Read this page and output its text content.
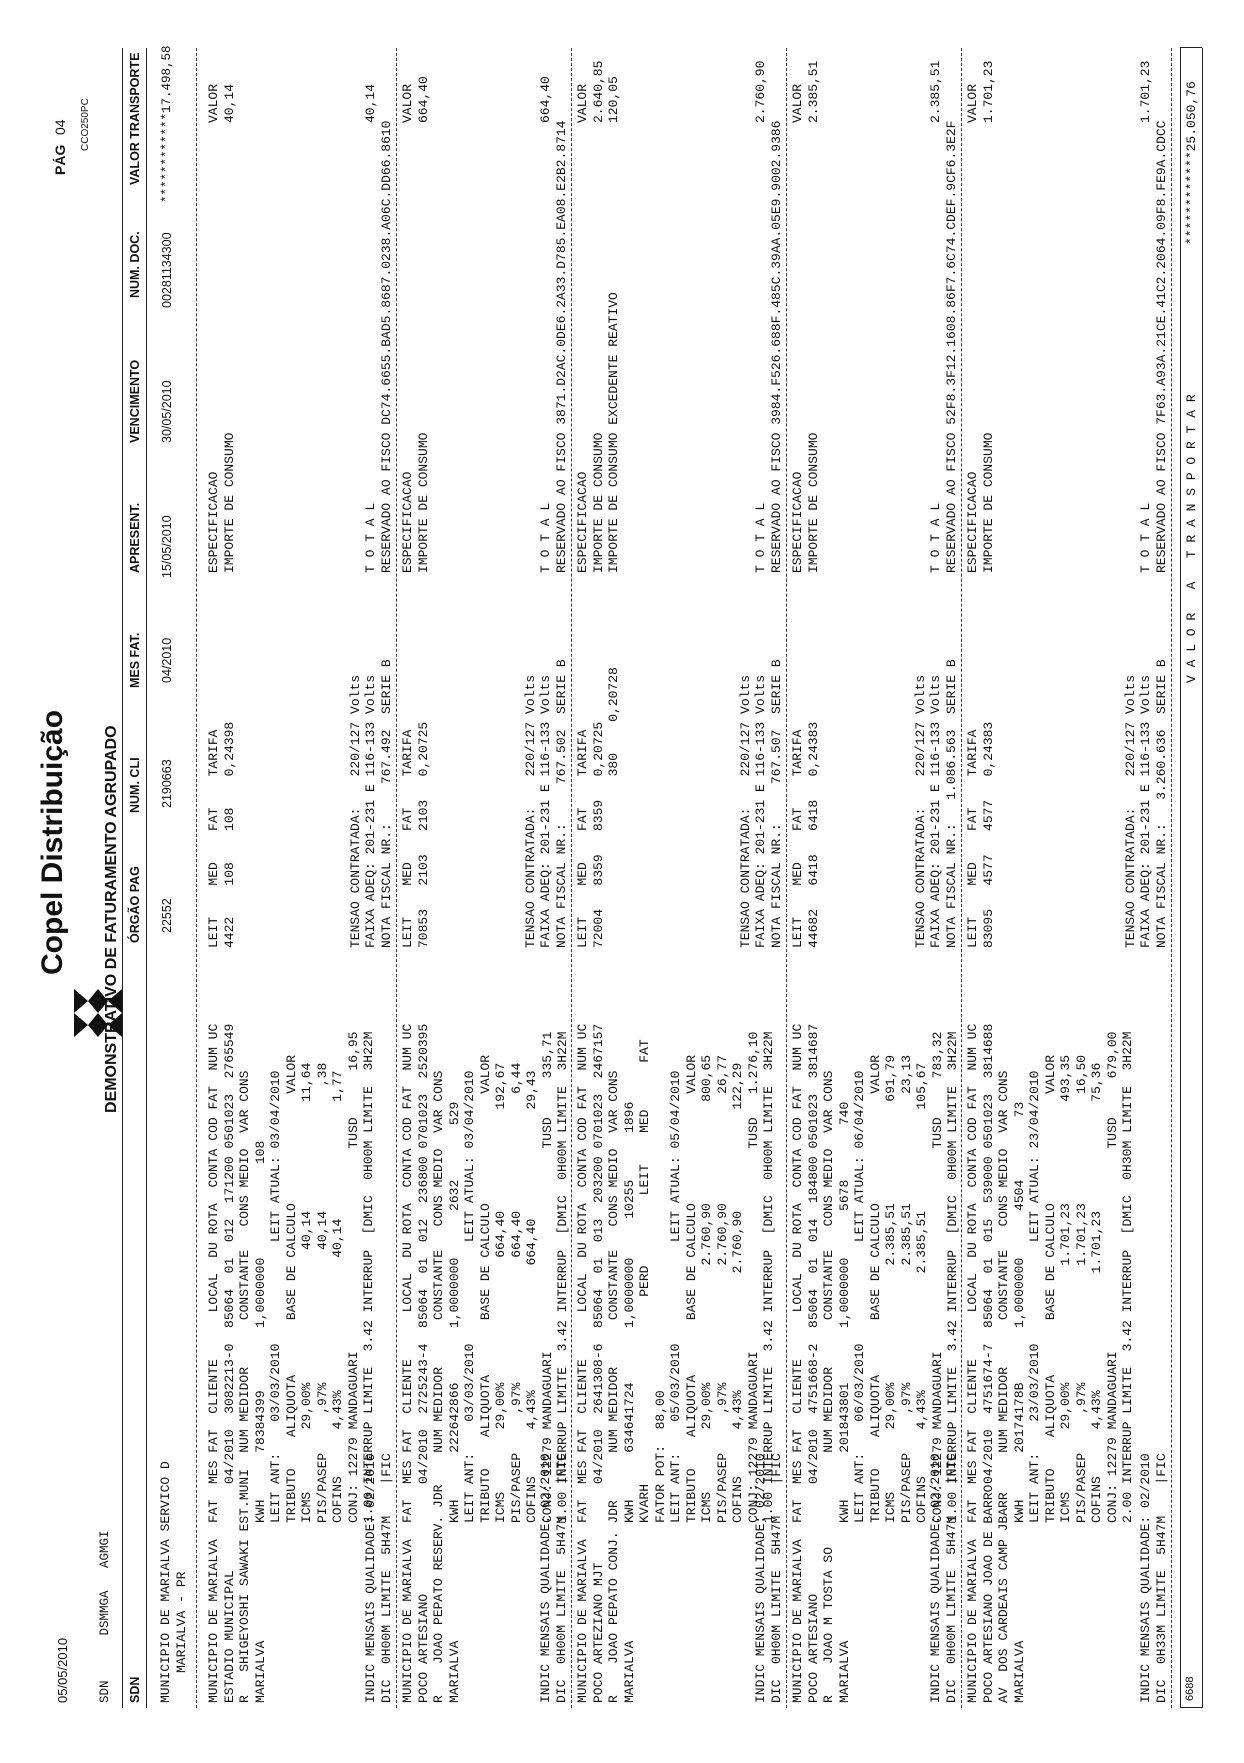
05/05/2010
PÁG
04 CCO250PC

Copel Distribuição DEMONSTRATIVO DE FATURAMENTO AGRUPADO
SDN      DSMMGA   AGMGI SDN
ÓRGÃO PAG
NUM. CLI
MES FAT.
APRESENT.
VENCIMENTO
NUM. DOC.
VALOR TRANSPORTE
MUNICIPIO DE MARIALVA SERVICO D MARIALVA - PR
22552
2190663
04/2010
15/05/2010
30/05/2010
00281134300
************17.498,58
MUNICIPIO DE MARIALVA ESTADIO MUNICIPAL R   SHIGEYOSHI SAWAKI EST.MUNI MARIALVA
FAT  MES FAT  CLIENTE      LOCAL  DU ROTA  CONTA COD FAT  NUM UC 04/2010  3082213-0  85064  01  012  171200 0501023  2765549 NUM MEDIDOR      CONSTANTE   CONS MEDIO  VAR CONS KWH      78384399        1,0000000            108 LEIT ANT:    03/03/2010             LEIT ATUAL: 03/04/2010 TRIBUTO    ALIQUOTA       BASE DE CALCULO              VALOR ICMS        29,00%                 40,14              11,64 PIS/PASEP     ,97%                 40,14                ,38 COFINS      4,43%                 40,14               1,77 CONJ: 12279 MANDAGUARI                          TUSD      16,95 1.00 INTERRUP LIMITE  3.42 INTERRUP  [DMIC  0H00M LIMITE  3H22M
LEIT    MED    FAT    TARIFA 4422    108    108    0,24398
ESPECIFICACAO IMPORTE DE CONSUMO
VALOR 40,14
TENSAO CONTRATADA:    220/127 Volts FAIXA ADEQ: 201-231 E 116-133 Volts NOTA FISCAL NR.:     767.492  SERIE B
T O T A L RESERVADO AO FISCO DC74.6655.BAD5.8687.0238.A06C.DD66.8610
40,14
INDIC MENSAIS QUALIDADE: 02/2010 DIC  0H00M LIMITE  5H47M    |FIC MUNICIPIO DE MARIALVA POCO ARTESIANO R    JOAO PEPATO RESERV. JDR MARIALVA
FAT  MES FAT  CLIENTE      LOCAL  DU ROTA  CONTA COD FAT  NUM UC 04/2010  2725243-4  85064  01  012  236800 0701023  2520395 NUM MEDIDOR      CONSTANTE   CONS MEDIO  VAR CONS KWH      222642866       1,0000000      2632       529 LEIT ANT:    03/03/2010             LEIT ATUAL: 03/04/2010 TRIBUTO    ALIQUOTA       BASE DE CALCULO              VALOR ICMS        29,00%                664,40             192,67 PIS/PASEP     ,97%                664,40               6,44 COFINS      4,43%                664,40              29,43 CONJ: 12279 MANDAGUARI                          TUSD     335,71 1.00 INTERRUP LIMITE  3.42 INTERRUP  [DMIC  0H00M LIMITE  3H22M
LEIT    MED    FAT    TARIFA 70853   2103   2103   0,20725
ESPECIFICACAO IMPORTE DE CONSUMO
VALOR 664,40
TENSAO CONTRATADA:    220/127 Volts FAIXA ADEQ: 201-231 E 116-133 Volts NOTA FISCAL NR.:     767.502  SERIE B
T O T A L RESERVADO AO FISCO 3871.D2AC.0DE6.2A33.D785.EA08.E2B2.8714
664,40
INDIC MENSAIS QUALIDADE: 02/2010 DIC  0H00M LIMITE  5H47M    |FIC MUNICIPIO DE MARIALVA POCO ARTEZIANO MJT R    JOAO PEPATO CONJ. JDR MARIALVA
FAT  MES FAT  CLIENTE      LOCAL  DU ROTA  CONTA COD FAT  NUM UC 04/2010  2641308-6  85064  01  013  203200 0701023  2467157 NUM MEDIDOR      CONSTANTE   CONS MEDIO  VAR CONS KWH      634641724       1,0000000     10255      1896 KVARH                        PERD         LEIT    MED      FAT FATOR POT:  88,00 LEIT ANT:    05/03/2010             LEIT ATUAL: 05/04/2010 TRIBUTO    ALIQUOTA       BASE DE CALCULO              VALOR ICMS        29,00%               2.760,90             800,65 PIS/PASEP     ,97%               2.760,90              26,77 COFINS      4,43%               2.760,90             122,29 CONJ: 12279 MANDAGUARI                          TUSD   1.276,10 1.00 INTERRUP LIMITE  3.42 INTERRUP  [DMIC  0H00M LIMITE  3H22M
LEIT    MED    FAT    TARIFA 72004   8359   8359   0,20725 380    0,20728
ESPECIFICACAO IMPORTE DE CONSUMO IMPORTE DE CONSUMO EXCEDENTE REATIVO
VALOR 2.640,85 120,05
TENSAO CONTRATADA:    220/127 Volts FAIXA ADEQ: 201-231 E 116-133 Volts NOTA FISCAL NR.:     767.507  SERIE B
T O T A L RESERVADO AO FISCO 3984.F526.688F.485C.39AA.05E9.9002.9386
2.760,90
INDIC MENSAIS QUALIDADE: 02/2010 DIC  0H00M LIMITE  5H47M    |FIC MUNICIPIO DE MARIALVA POCO ARTESIANO R    JOAO M TOSTA SO MARIALVA
FAT  MES FAT  CLIENTE      LOCAL  DU ROTA  CONTA COD FAT  NUM UC 04/2010  4751668-2  85064  01  014  184800 0501023  3814687 NUM MEDIDOR      CONSTANTE   CONS MEDIO  VAR CONS KWH      201843801       1,0000000      5678       740 LEIT ANT:    06/03/2010             LEIT ATUAL: 06/04/2010 TRIBUTO    ALIQUOTA       BASE DE CALCULO              VALOR ICMS        29,00%               2.385,51             691,79 PIS/PASEP     ,97%               2.385,51              23,13 COFINS      4,43%               2.385,51             105,67 CONJ: 12279 MANDAGUARI                          TUSD     783,32 1.00 INTERRUP LIMITE  3.42 INTERRUP  [DMIC  0H00M LIMITE  3H22M
LEIT    MED    FAT    TARIFA 44682   6418   6418   0,24383
ESPECIFICACAO IMPORTE DE CONSUMO
VALOR 2.385,51
TENSAO CONTRATADA:    220/127 Volts FAIXA ADEQ: 201-231 E 116-133 Volts NOTA FISCAL NR.:   1.086.563  SERIE B
T O T A L RESERVADO AO FISCO 52F8.3F12.1608.86F7.6C74.CDEF.9CF6.3E2F
2.385,51
INDIC MENSAIS QUALIDADE: 02/2010 DIC  0H00M LIMITE  5H47M    |FIC MUNICIPIO DE MARIALVA POCO ARTESIANO JOAO DE BARRO AV  DOS CARDEAIS CAMP JBARR MARIALVA
FAT  MES FAT  CLIENTE      LOCAL  DU ROTA  CONTA COD FAT  NUM UC 04/2010  4751674-7  85064  01  015  539000 0501023  3814688 NUM MEDIDOR      CONSTANTE   CONS MEDIO  VAR CONS KWH      20174178B       1,0000000      4504        73 LEIT ANT:    23/03/2010             LEIT ATUAL: 23/04/2010 TRIBUTO    ALIQUOTA       BASE DE CALCULO              VALOR ICMS        29,00%               1.701,23             493,35 PIS/PASEP     ,97%               1.701,23              16,50 COFINS      4,43%               1.701,23              75,36 CONJ: 12279 MANDAGUARI                          TUSD     679,00 2.00 INTERRUP LIMITE  3.42 INTERRUP  [DMIC  0H30M LIMITE  3H22M
LEIT    MED    FAT    TARIFA 83095   4577   4577   0,24383
ESPECIFICACAO IMPORTE DE CONSUMO
VALOR 1.701,23
TENSAO CONTRATADA:    220/127 Volts FAIXA ADEQ: 201-231 E 116-133 Volts NOTA FISCAL NR.:   3.260.636  SERIE B
T O T A L RESERVADO AO FISCO 7F63.A93A.21CE.41C2.2064.09F8.FE9A.CDCC
1.701,23
INDIC MENSAIS QUALIDADE: 02/2010 DIC  0H33M LIMITE  5H47M    |FIC 6688
V A L O R   A   T R A N S P O R T A R
************25.050,76
